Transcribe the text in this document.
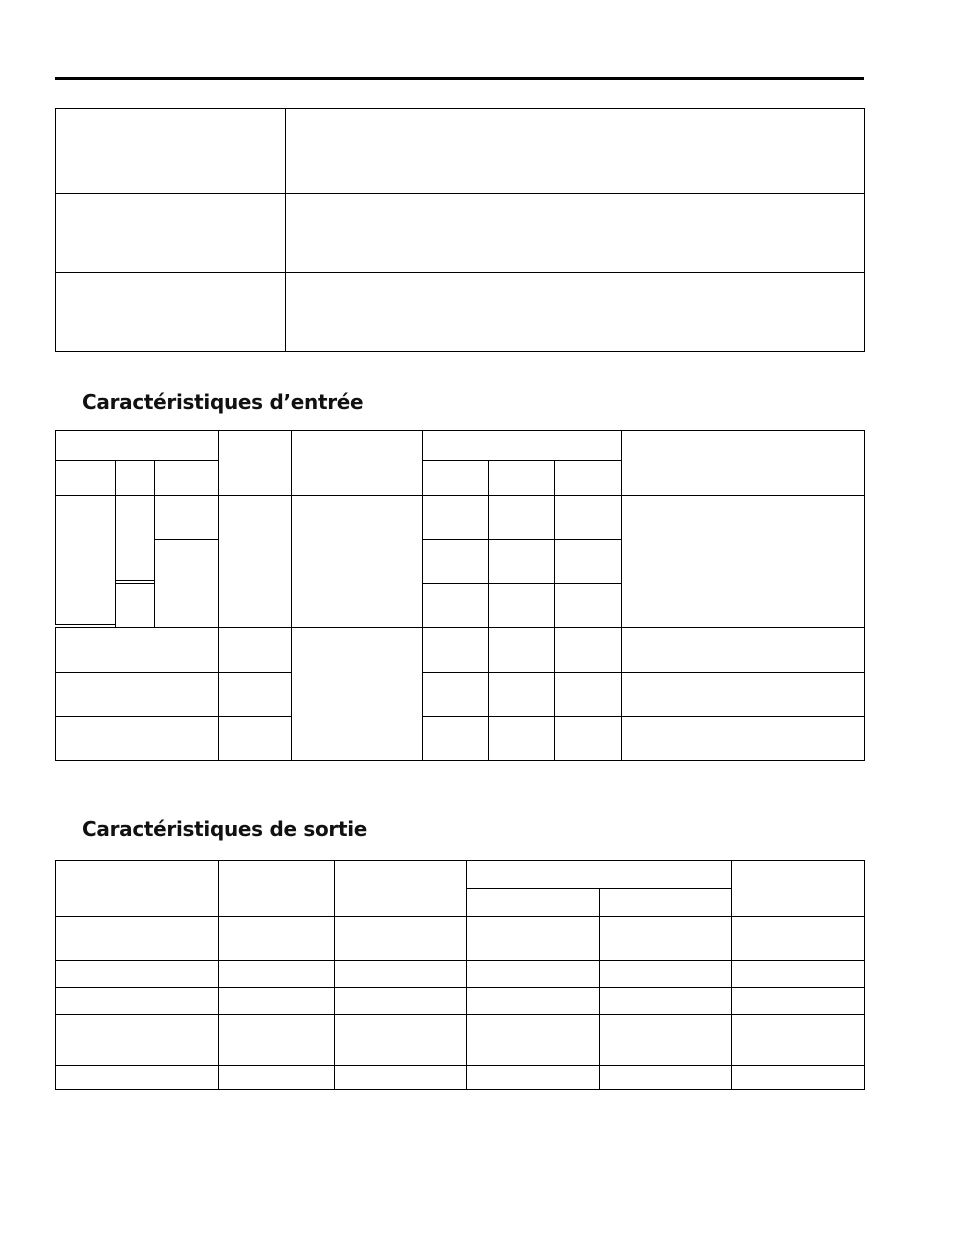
Caractéristiques d’entrée

Caractéristiques de sortie
